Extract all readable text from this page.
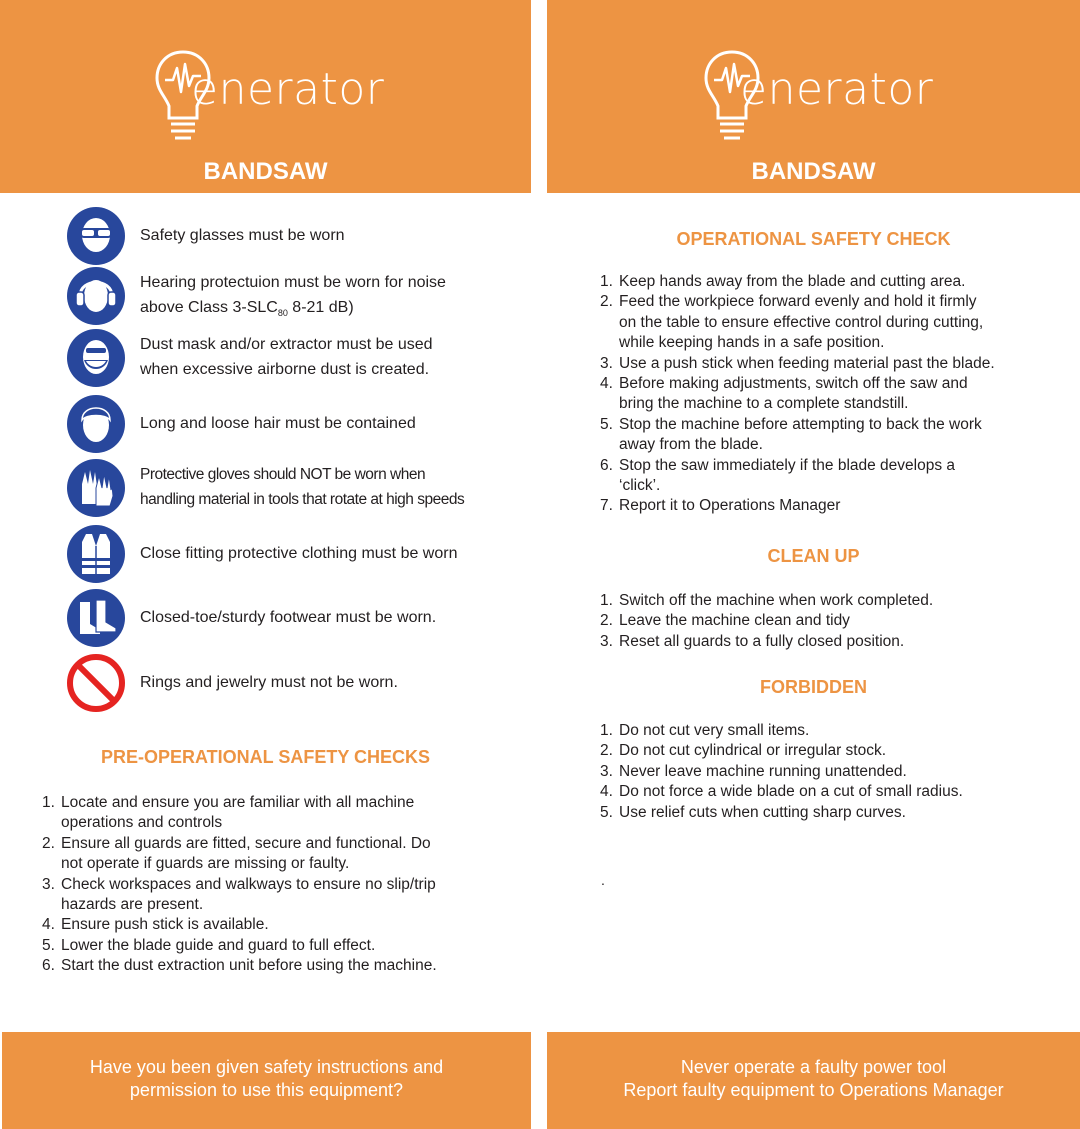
enerator
BANDSAW
enerator
BANDSAW
Safety glasses must be worn
Hearing protectuion must be worn for noise
above Class $3-SLC_{80}$ 8-21 dB)
Dust mask and/or extractor must be used
when excessive airborne dust is created.
Long and loose hair must be contained
Protective gloves should NOT be worn when
handling material in tools that rotate at high speeds
Close fitting protective clothing must be worn
Closed-toe/sturdy footwear must be worn.
Rings and jewelry must not be worn.
PRE-OPERATIONAL SAFETY CHECKS
1. Locate and ensure you are familiar with all machine
operations and controls
2. Ensure all guards are fitted, secure and functional. Do
not operate if guards are missing or faulty.
3. Check workspaces and walkways to ensure no slip/trip
hazards are present.
4. Ensure push stick is available.
5. Lower the blade guide and guard to full effect.
6. Start the dust extraction unit before using the machine.
OPERATIONAL SAFETY CHECK
1. Keep hands away from the blade and cutting area.
2. Feed the workpiece forward evenly and hold it firmly
on the table to ensure effective control during cutting,
while keeping hands in a safe position.
3. Use a push stick when feeding material past the blade.
4. Before making adjustments, switch off the saw and
bring the machine to a complete standstill.
5. Stop the machine before attempting to back the work
away from the blade.
6. Stop the saw immediately if the blade develops a
‘click’.
7. Report it to Operations Manager
CLEAN UP
1. Switch off the machine when work completed.
2. Leave the machine clean and tidy
3. Reset all guards to a fully closed position.
FORBIDDEN
1. Do not cut very small items.
2. Do not cut cylindrical or irregular stock.
3. Never leave machine running unattended.
4. Do not force a wide blade on a cut of small radius.
5. Use relief cuts when cutting sharp curves.
.
Have you been given safety instructions and
permission to use this equipment?
Never operate a faulty power tool
Report faulty equipment to Operations Manager
